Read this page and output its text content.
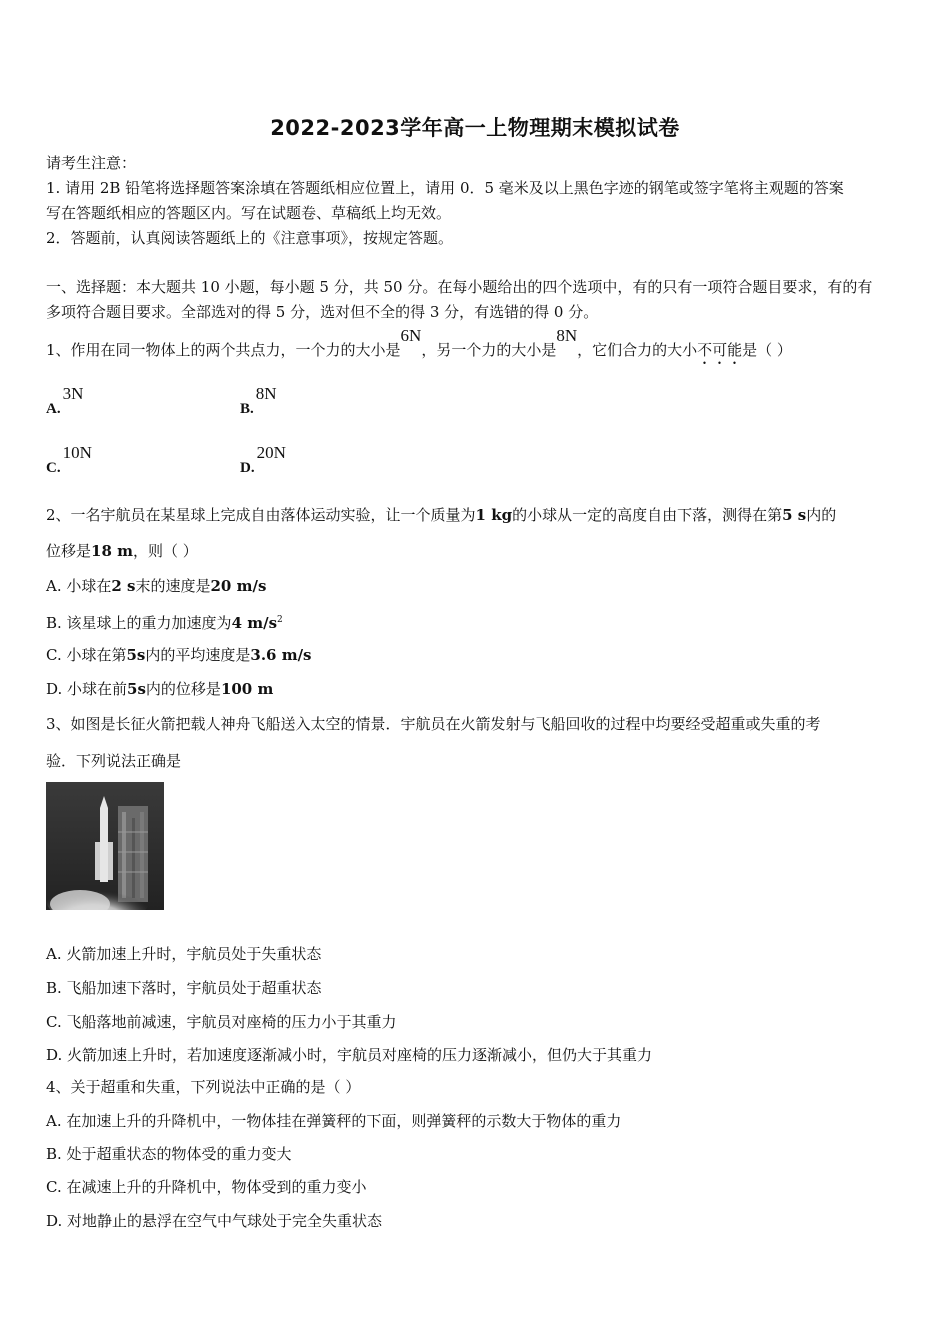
2022-2023学年高一上物理期末模拟试卷
请考生注意：
1. 请用 2B 铅笔将选择题答案涂填在答题纸相应位置上，请用 0．5 毫米及以上黑色字迹的钢笔或签字笔将主观题的答案
写在答题纸相应的答题区内。写在试题卷、草稿纸上均无效。
2．答题前，认真阅读答题纸上的《注意事项》，按规定答题。
一、选择题：本大题共 10 小题，每小题 5 分，共 50 分。在每小题给出的四个选项中，有的只有一项符合题目要求，有的有
多项符合题目要求。全部选对的得 5 分，选对但不全的得 3 分，有选错的得 0 分。
1、作用在同一物体上的两个共点力，一个力的大小是6N，另一个力的大小是8N，它们合力的大小不可能是（ ）
A.3N
B.8N
C.10N
D.20N
2、一名宇航员在某星球上完成自由落体运动实验，让一个质量为1 kg的小球从一定的高度自由下落，测得在第5 s内的
位移是18 m，则（ ）
A. 小球在2 s末的速度是20 m/s
B. 该星球上的重力加速度为4 $m/s^2$
C. 小球在第5s内的平均速度是3.6 m/s
D. 小球在前5s内的位移是100 m
3、如图是长征火箭把载人神舟飞船送入太空的情景．宇航员在火箭发射与飞船回收的过程中均要经受超重或失重的考
验．下列说法正确是
A. 火箭加速上升时，宇航员处于失重状态
B. 飞船加速下落时，宇航员处于超重状态
C. 飞船落地前减速，宇航员对座椅的压力小于其重力
D. 火箭加速上升时，若加速度逐渐减小时，宇航员对座椅的压力逐渐减小，但仍大于其重力
4、关于超重和失重，下列说法中正确的是（ ）
A. 在加速上升的升降机中，一物体挂在弹簧秤的下面，则弹簧秤的示数大于物体的重力
B. 处于超重状态的物体受的重力变大
C. 在减速上升的升降机中，物体受到的重力变小
D. 对地静止的悬浮在空气中气球处于完全失重状态
